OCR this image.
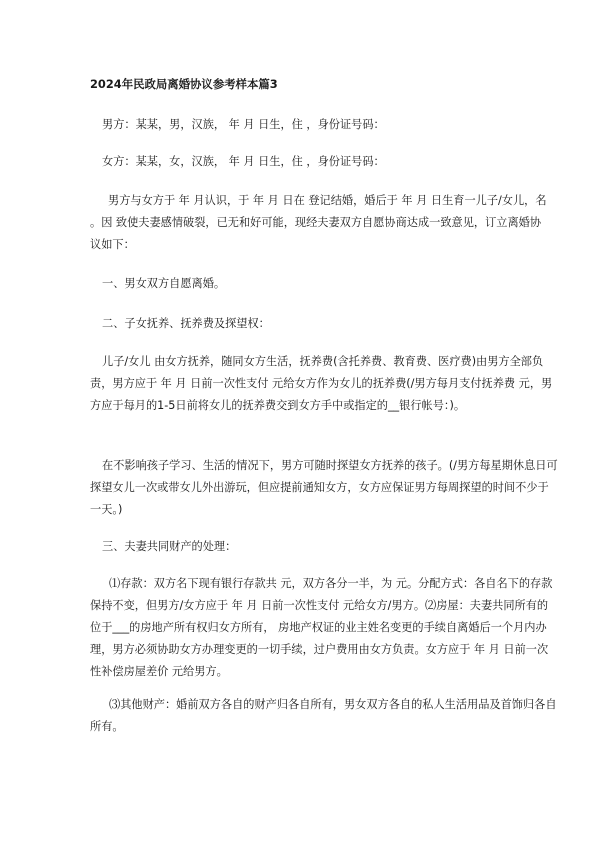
2024年民政局离婚协议参考样本篇3

男方：某某，男，汉族， 年 月 日生，住 ，身份证号码：

女方：某某，女，汉族， 年 月 日生，住 ，身份证号码：

男方与女方于 年 月认识，于 年 月 日在 登记结婚，婚后于 年 月 日生育一儿子/女儿，名 。因 致使夫妻感情破裂，已无和好可能，现经夫妻双方自愿协商达成一致意见，订立离婚协议如下：

一、男女双方自愿离婚。

二、子女抚养、抚养费及探望权：

儿子/女儿 由女方抚养，随同女方生活，抚养费(含托养费、教育费、医疗费)由男方全部负责，男方应于 年 月 日前一次性支付 元给女方作为女儿的抚养费(/男方每月支付抚养费 元，男方应于每月的1-5日前将女儿的抚养费交到女方手中或指定的__银行帐号：)。

在不影响孩子学习、生活的情况下，男方可随时探望女方抚养的孩子。(/男方每星期休息日可探望女儿一次或带女儿外出游玩，但应提前通知女方，女方应保证男方每周探望的时间不少于一天。)

三、夫妻共同财产的处理：

⑴存款：双方名下现有银行存款共 元，双方各分一半，为 元。分配方式：各自名下的存款保持不变，但男方/女方应于 年 月 日前一次性支付 元给女方/男方。⑵房屋：夫妻共同所有的位于___的房地产所有权归女方所有， 房地产权证的业主姓名变更的手续自离婚后一个月内办理，男方必须协助女方办理变更的一切手续，过户费用由女方负责。女方应于 年 月 日前一次性补偿房屋差价 元给男方。

⑶其他财产：婚前双方各自的财产归各自所有，男女双方各自的私人生活用品及首饰归各自所有。
